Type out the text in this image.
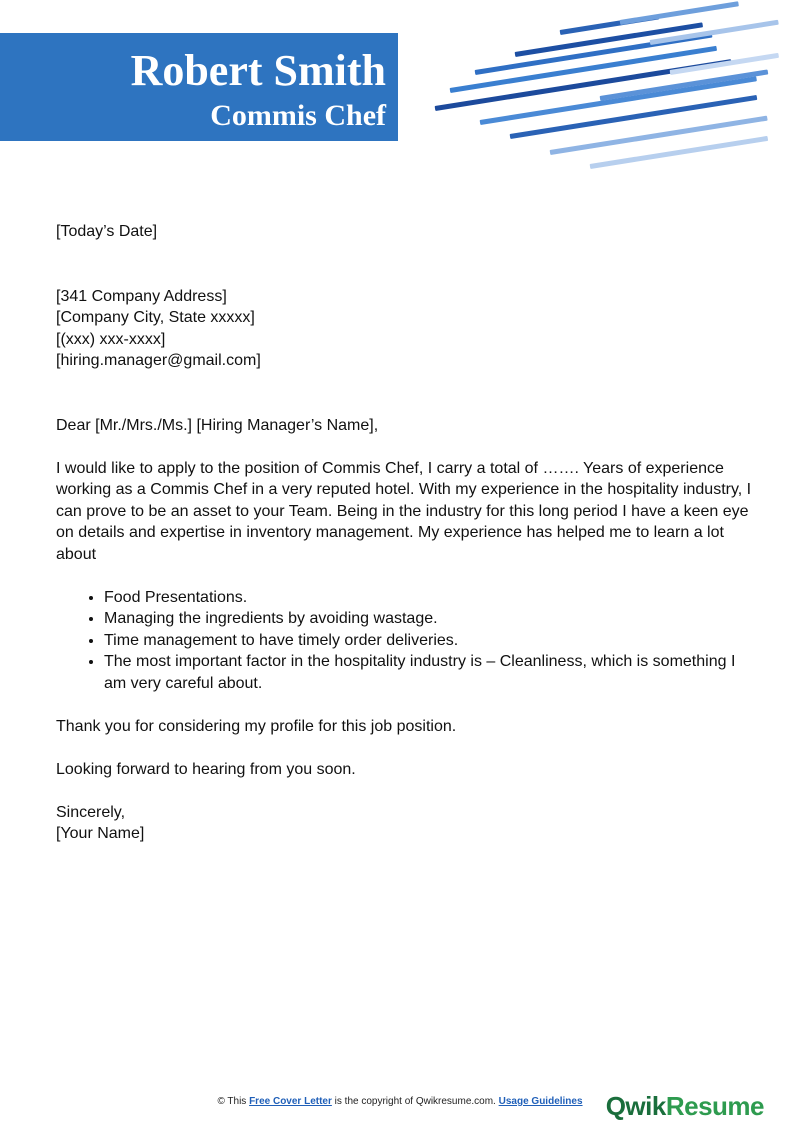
Robert Smith
Commis Chef

[Today’s Date]

[341 Company Address]

[Company City, State xxxxx]

[(xxx) xxx-xxxx]

[hiring.manager@gmail.com]

Dear [Mr./Mrs./Ms.] [Hiring Manager’s Name],

I would like to apply to the position of Commis Chef, I carry a total of ……. Years of experience working as a Commis Chef in a very reputed hotel. With my experience in the hospitality industry, I can prove to be an asset to your Team. Being in the industry for this long period I have a keen eye on details and expertise in inventory management. My experience has helped me to learn a lot about

• Food Presentations.
• Managing the ingredients by avoiding wastage.
• Time management to have timely order deliveries.
• The most important factor in the hospitality industry is – Cleanliness, which is something I am very careful about.

Thank you for considering my profile for this job position.

Looking forward to hearing from you soon.

Sincerely,

[Your Name]

© This Free Cover Letter is the copyright of Qwikresume.com. Usage Guidelines QwikResume
